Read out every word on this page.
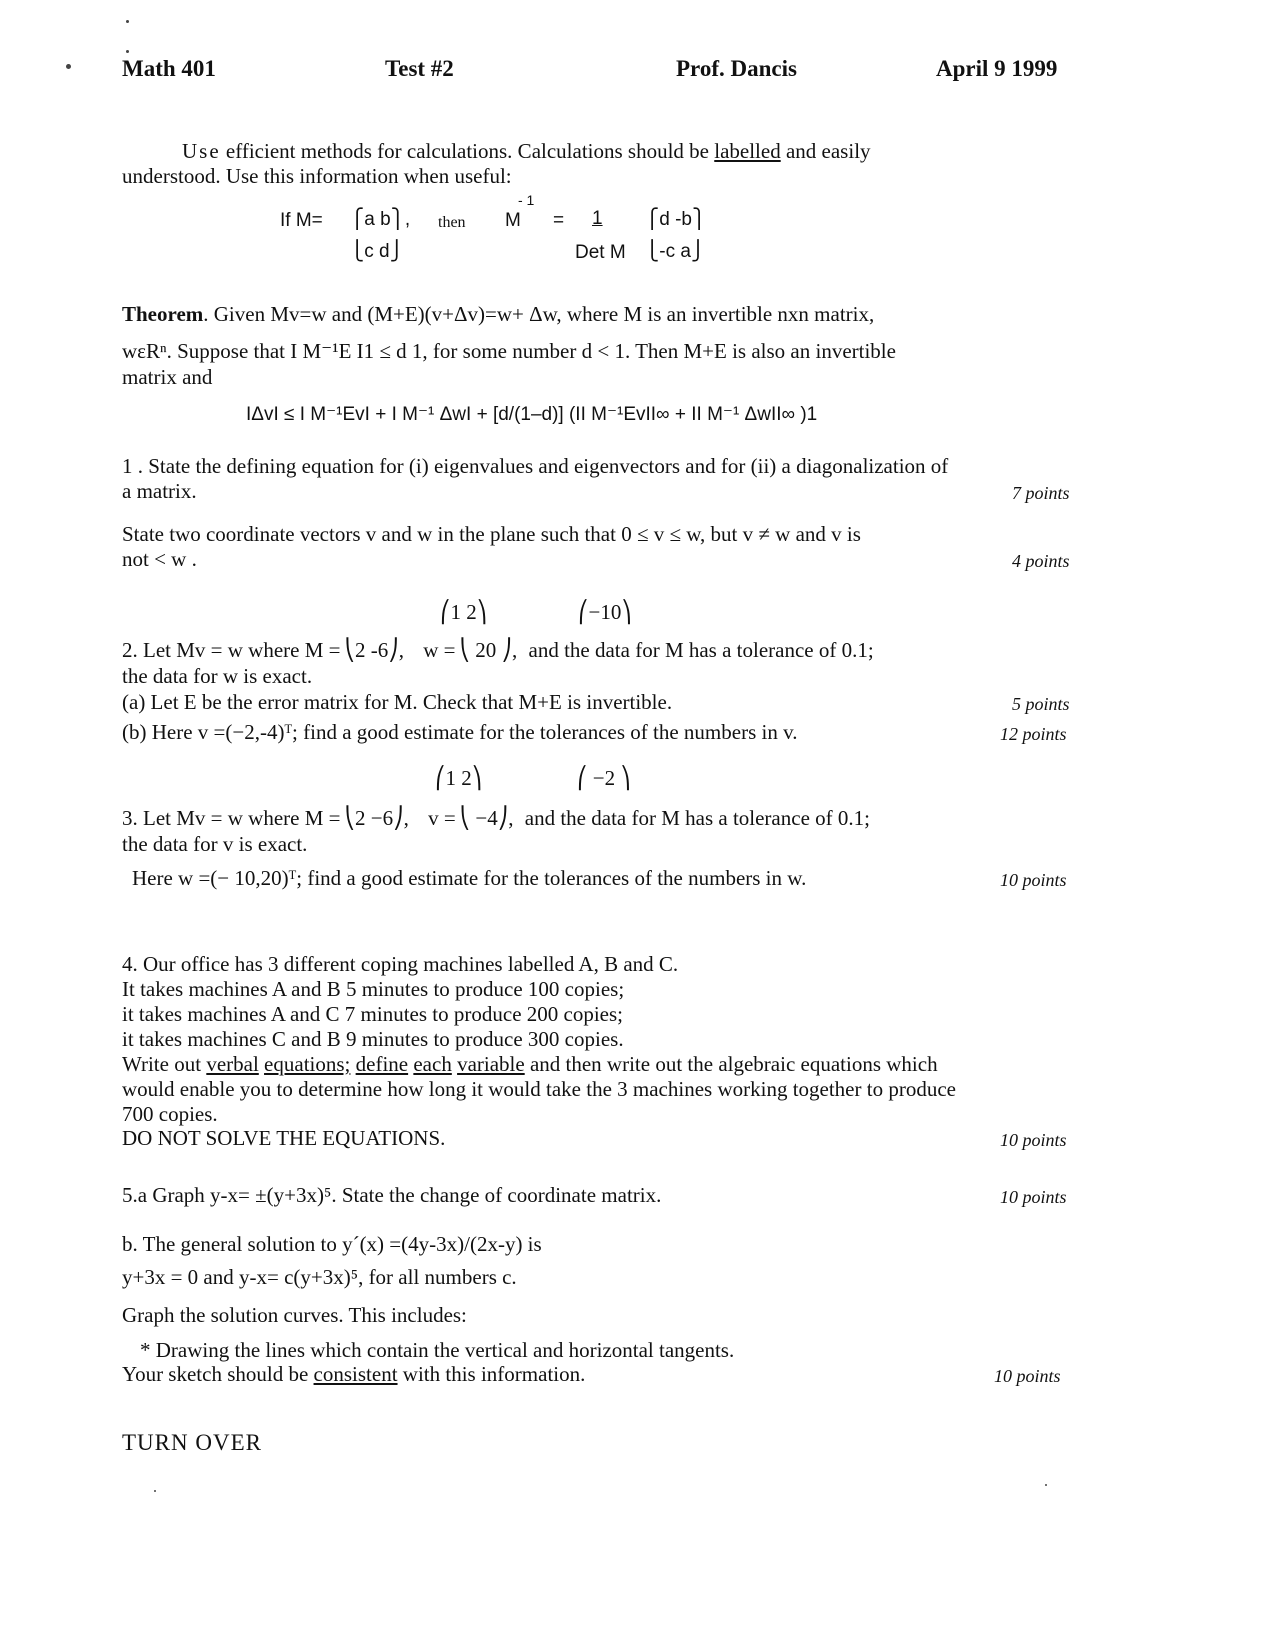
Math 401	Test #2	Prof. Dancis	April 9 1999
Use efficient methods for calculations. Calculations should be labelled and easily
understood. Use this information when useful:
If M= ⎧a b⎫, then M
- 1
=	1	⎧d -b⎫
⎩c d⎭	Det M ⎩-c a⎭
Theorem. Given Mv=w and (M+E)(v+Δv)=w+ Δw, where M is an invertible nxn matrix,
wεRⁿ. Suppose that I M⁻¹E I1 ≤ d 1, for some number d < 1. Then M+E is also an invertible
matrix and
IΔvI ≤ I M⁻¹EvI + I M⁻¹ ΔwI + [d/(1–d)] (II M⁻¹EvII∞ + II M⁻¹ ΔwII∞ )1
1 . State the defining equation for (i) eigenvalues and eigenvectors and for (ii) a diagonalization of
a matrix.	7 points
State two coordinate vectors v and w in the plane such that 0 ≤ v ≤ w, but v ≠ w and v is
not < w .	4 points
⎛1 2⎞	⎛−10⎞
2. Let Mv = w where M = ⎝2 -6⎠, w = ⎝ 20 ⎠, and the data for M has a tolerance of 0.1;
the data for w is exact.
(a) Let E be the error matrix for M. Check that M+E is invertible.	5 points
(b) Here v =(−2,-4)ᵀ; find a good estimate for the tolerances of the numbers in v.	12 points
⎛1 2⎞	⎛ −2 ⎞
3. Let Mv = w where M = ⎝2 −6⎠, v = ⎝ −4⎠, and the data for M has a tolerance of 0.1;
the data for v is exact.
Here w =(− 10,20)ᵀ; find a good estimate for the tolerances of the numbers in w.	10 points
4. Our office has 3 different coping machines labelled A, B and C.
It takes machines A and B 5 minutes to produce 100 copies;
it takes machines A and C 7 minutes to produce 200 copies;
it takes machines C and B 9 minutes to produce 300 copies.
Write out verbal equations; define each variable and then write out the algebraic equations which
would enable you to determine how long it would take the 3 machines working together to produce
700 copies.
DO NOT SOLVE THE EQUATIONS.	10 points
5.a Graph y-x= ±(y+3x)⁵. State the change of coordinate matrix.	10 points
b. The general solution to y´(x) =(4y-3x)/(2x-y) is
y+3x = 0 and y-x= c(y+3x)⁵, for all numbers c.
Graph the solution curves. This includes:
* Drawing the lines which contain the vertical and horizontal tangents.
Your sketch should be consistent with this information.	10 points
TURN OVER
